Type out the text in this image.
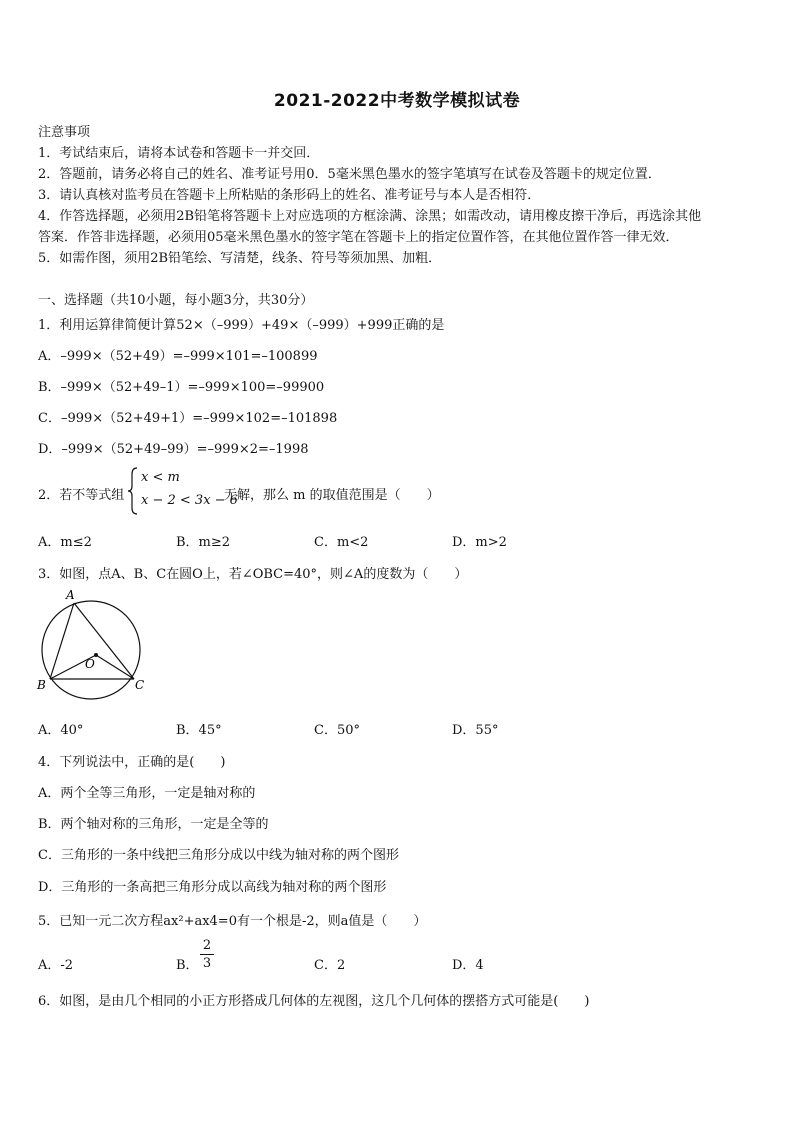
2021-2022中考数学模拟试卷
注意事项
1．考试结束后，请将本试卷和答题卡一并交回．
2．答题前，请务必将自己的姓名、准考证号用0．5毫米黑色墨水的签字笔填写在试卷及答题卡的规定位置．
3．请认真核对监考员在答题卡上所粘贴的条形码上的姓名、准考证号与本人是否相符．
4．作答选择题，必须用2B铅笔将答题卡上对应选项的方框涂满、涂黑；如需改动，请用橡皮擦干净后，再选涂其他
答案．作答非选择题，必须用05毫米黑色墨水的签字笔在答题卡上的指定位置作答，在其他位置作答一律无效．
5．如需作图，须用2B铅笔绘、写清楚，线条、符号等须加黑、加粗．
一、选择题（共10小题，每小题3分，共30分）
1．利用运算律简便计算52×（–999）+49×（–999）+999正确的是
A．–999×（52+49）=–999×101=–100899
B．–999×（52+49–1）=–999×100=–99900
C．–999×（52+49+1）=–999×102=–101898
D．–999×（52+49–99）=–999×2=–1998
2．若不等式组
x < m
x − 2 < 3x − 6
无解，那么 m 的取值范围是（　　）
A．m≤2	B．m≥2	C．m<2	D．m>2
3．如图，点A、B、C在圆O上，若∠OBC=40°，则∠A的度数为（　　）
A
B	C
O
A．40°	B．45°	C．50°	D．55°
4．下列说法中，正确的是(　　)
A．两个全等三角形，一定是轴对称的
B．两个轴对称的三角形，一定是全等的
C．三角形的一条中线把三角形分成以中线为轴对称的两个图形
D．三角形的一条高把三角形分成以高线为轴对称的两个图形
5．已知一元二次方程ax²+ax4=0有一个根是-2，则a值是（　　）
A．-2	B．
2
3	C．2	D．4
6．如图，是由几个相同的小正方形搭成几何体的左视图，这几个几何体的摆搭方式可能是(　　)
